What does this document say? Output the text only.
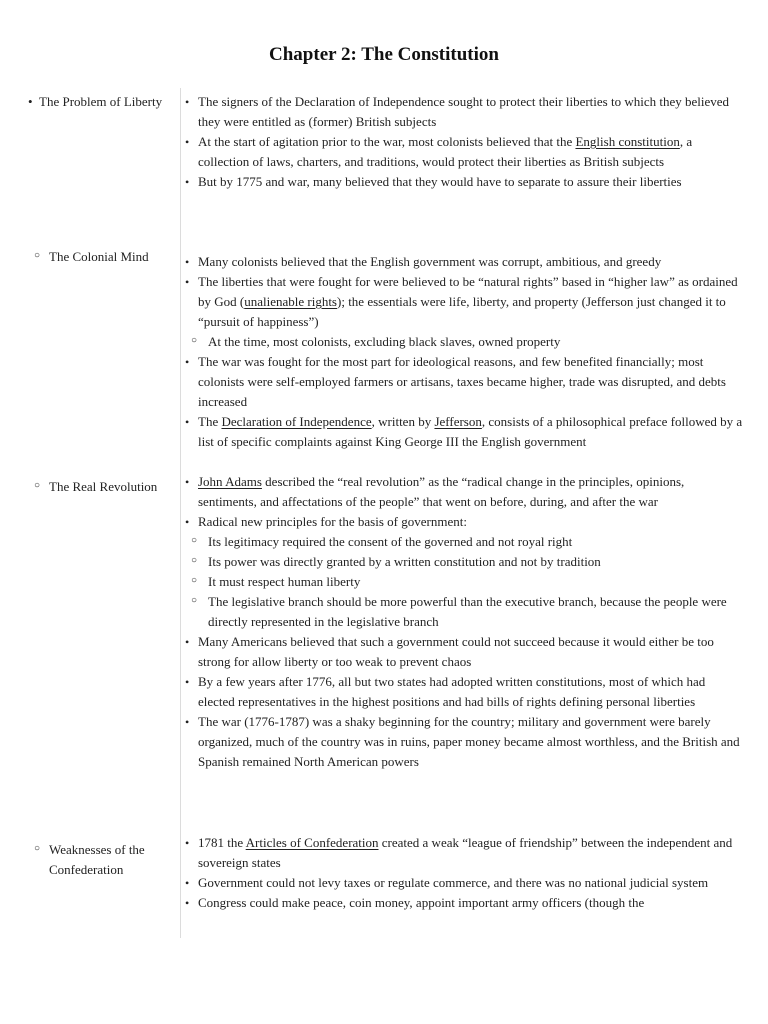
Chapter 2: The Constitution
• The Problem of Liberty	• The signers of the Declaration of Independence sought to protect their liberties to which they believed they were entitled as (former) British subjects
• At the start of agitation prior to the war, most colonists believed that the English constitution, a collection of laws, charters, and traditions, would protect their liberties as British subjects
• But by 1775 and war, many believed that they would have to separate to assure their liberties
○ The Colonial Mind	• Many colonists believed that the English government was corrupt, ambitious, and greedy
• The liberties that were fought for were believed to be “natural rights” based in “higher law” as ordained by God (unalienable rights); the essentials were life, liberty, and property (Jefferson just changed it to “pursuit of happiness”)
○ At the time, most colonists, excluding black slaves, owned property
• The war was fought for the most part for ideological reasons, and few benefited financially; most colonists were self-employed farmers or artisans, taxes became higher, trade was disrupted, and debts increased
• The Declaration of Independence, written by Jefferson, consists of a philosophical preface followed by a list of specific complaints against King George III the English government
○ The Real Revolution	• John Adams described the “real revolution” as the “radical change in the principles, opinions, sentiments, and affectations of the people” that went on before, during, and after the war
• Radical new principles for the basis of government:
○ Its legitimacy required the consent of the governed and not royal right
○ Its power was directly granted by a written constitution and not by tradition
○ It must respect human liberty
○ The legislative branch should be more powerful than the executive branch, because the people were directly represented in the legislative branch
• Many Americans believed that such a government could not succeed because it would either be too strong for allow liberty or too weak to prevent chaos
• By a few years after 1776, all but two states had adopted written constitutions, most of which had elected representatives in the highest positions and had bills of rights defining personal liberties
• The war (1776-1787) was a shaky beginning for the country; military and government were barely organized, much of the country was in ruins, paper money became almost worthless, and the British and Spanish remained North American powers
○ Weaknesses of the Confederation
• 1781 the Articles of Confederation created a weak “league of friendship” between the independent and sovereign states
• Government could not levy taxes or regulate commerce, and there was no national judicial system
• Congress could make peace, coin money, appoint important army officers (though the
